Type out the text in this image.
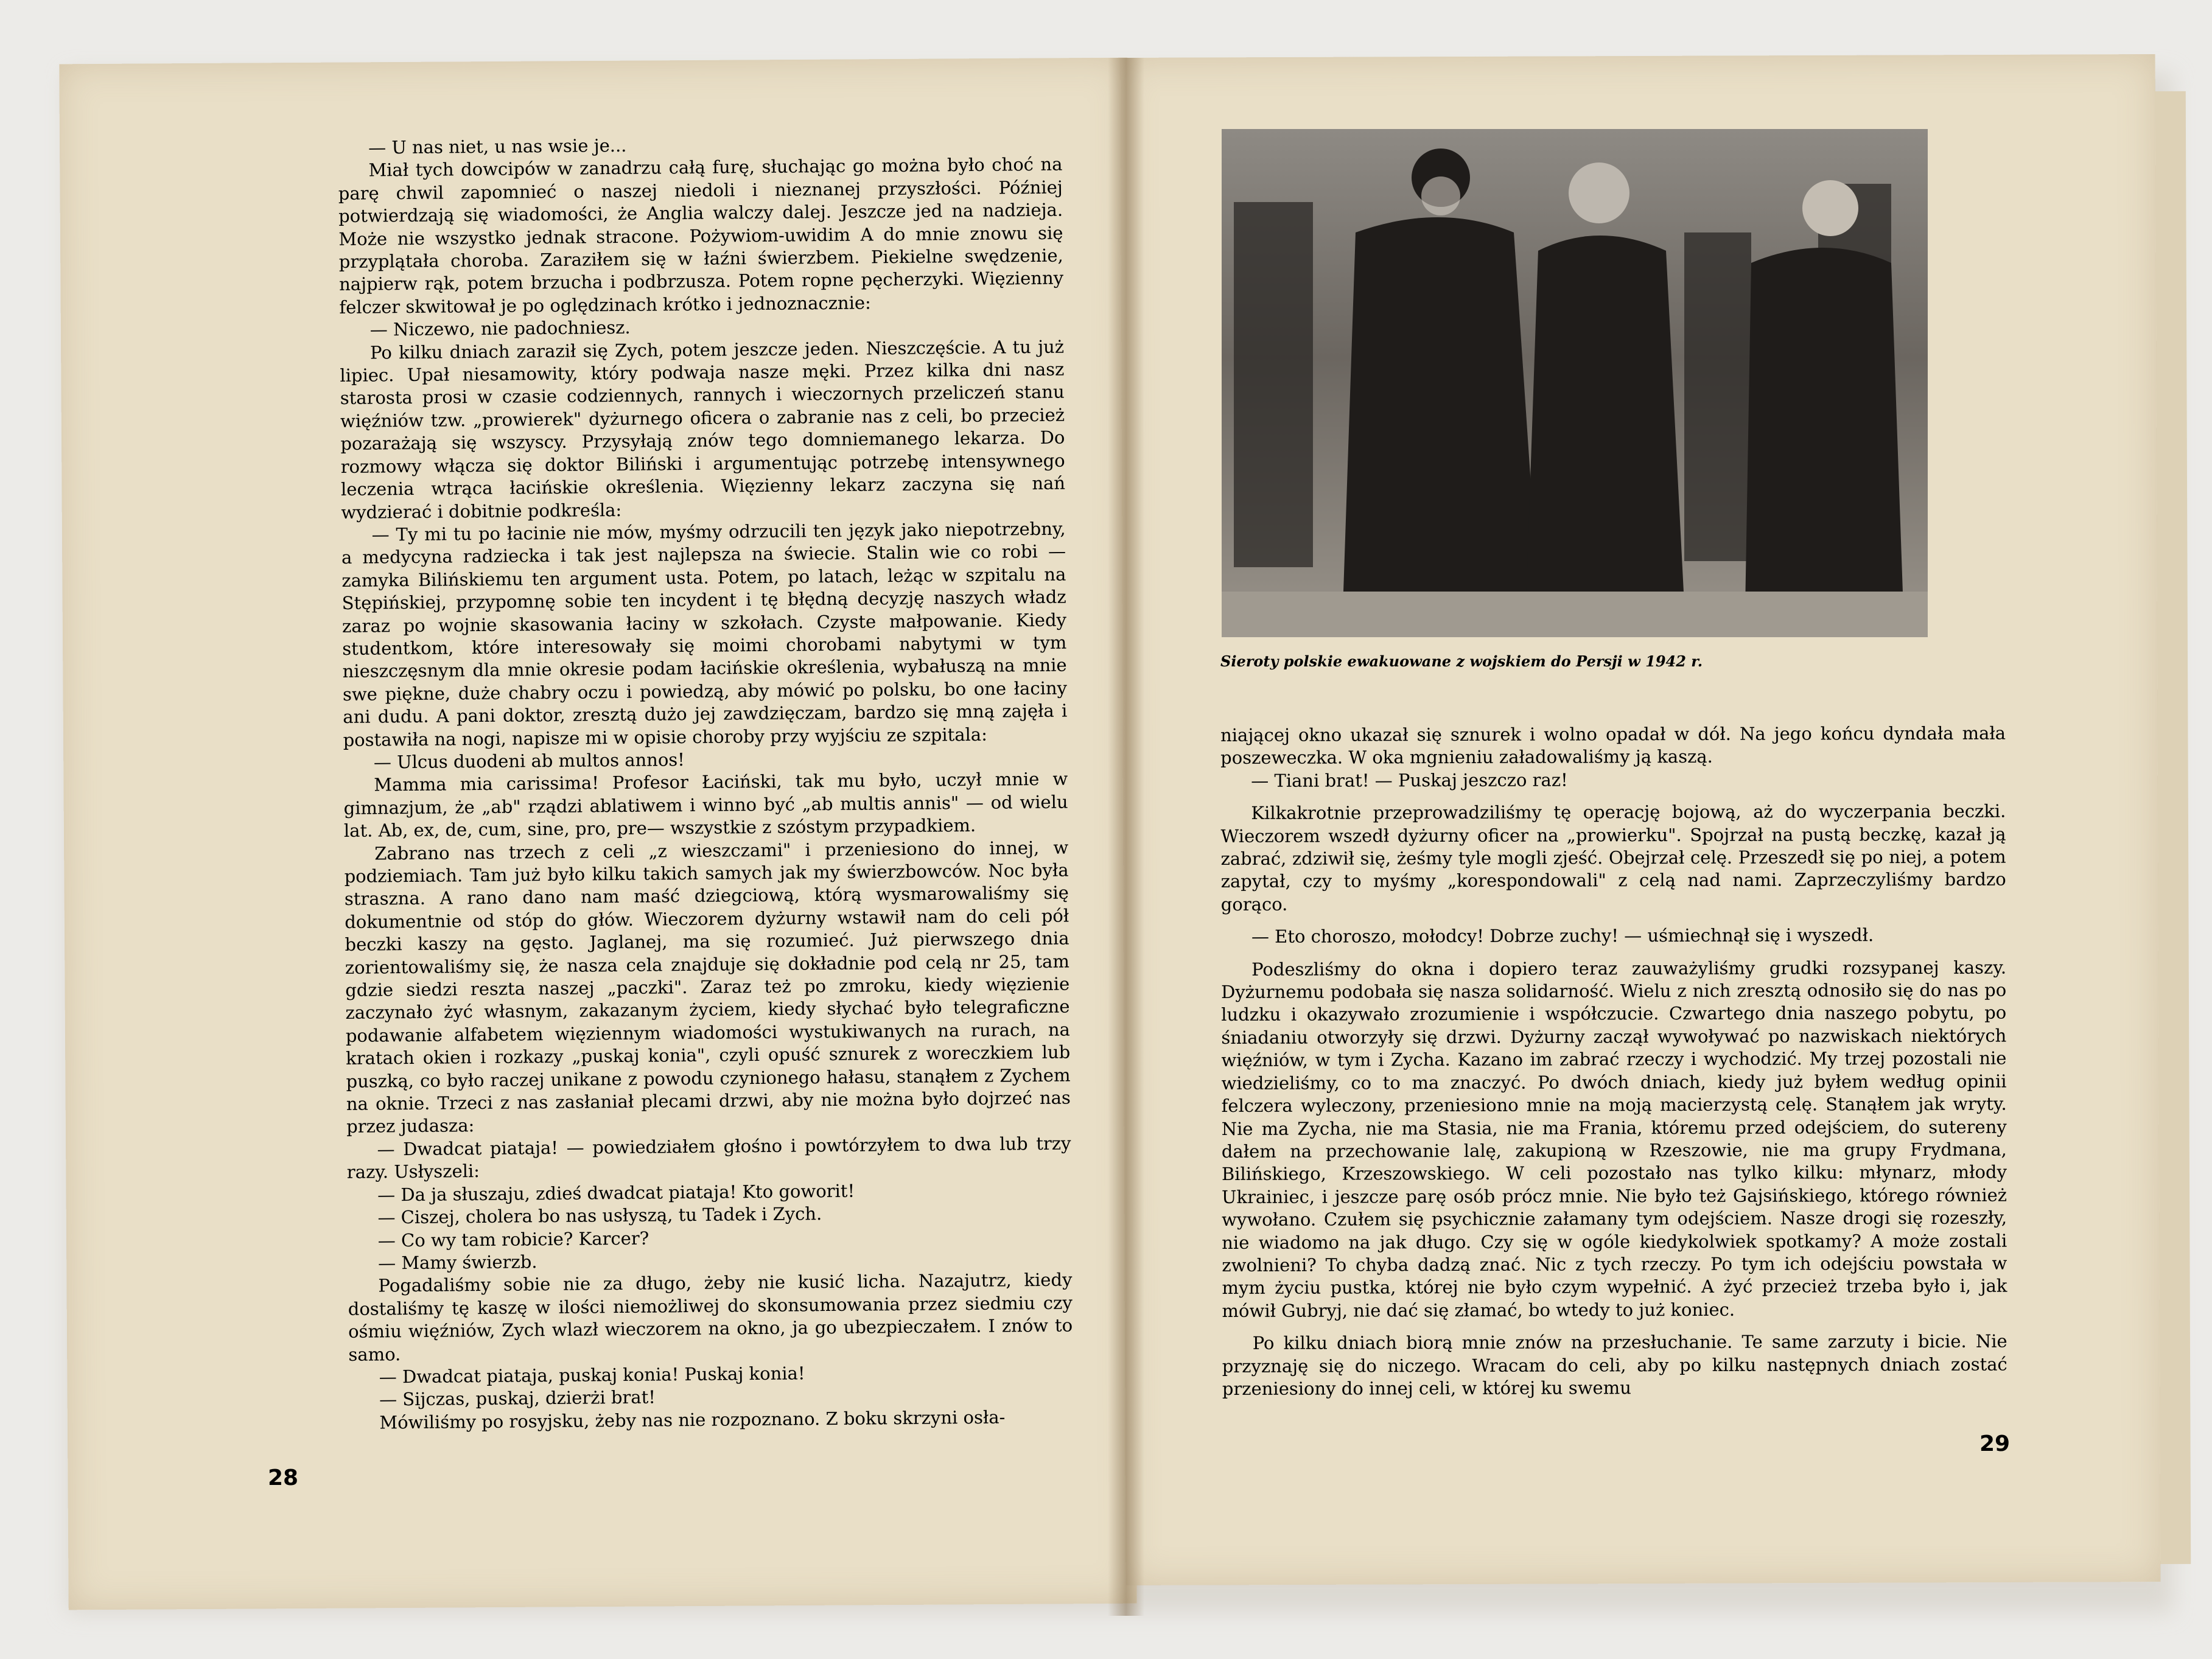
— U nas niet, u nas wsie je...

Miał tych dowcipów w zanadrzu całą furę, słuchając go można było choć na parę chwil zapomnieć o naszej niedoli i nieznanej przyszłości. Później potwierdzają się wiadomości, że Anglia walczy dalej. Jeszcze jed na nadzieja. Może nie wszystko jednak stracone. Pożywiom-uwidim A do mnie znowu się przyplątała choroba. Zaraziłem się w łaźni świerzbem. Piekielne swędzenie, najpierw rąk, potem brzucha i podbrzusza. Potem ropne pęcherzyki. Więzienny felczer skwitował je po oględzinach krótko i jednoznacznie:

— Niczewo, nie padochniesz.

Po kilku dniach zaraził się Zych, potem jeszcze jeden. Nieszczęście. A tu już lipiec. Upał niesamowity, który podwaja nasze męki. Przez kilka dni nasz starosta prosi w czasie codziennych, rannych i wieczornych przeliczeń stanu więźniów tzw. „prowierek" dyżurnego oficera o zabranie nas z celi, bo przecież pozarażają się wszyscy. Przysyłają znów tego domniemanego lekarza. Do rozmowy włącza się doktor Biliński i argumentując potrzebę intensywnego leczenia wtrąca łacińskie określenia. Więzienny lekarz zaczyna się nań wydzierać i dobitnie podkreśla:

— Ty mi tu po łacinie nie mów, myśmy odrzucili ten język jako niepotrzebny, a medycyna radziecka i tak jest najlepsza na świecie. Stalin wie co robi — zamyka Bilińskiemu ten argument usta. Potem, po latach, leżąc w szpitalu na Stępińskiej, przypomnę sobie ten incydent i tę błędną decyzję naszych władz zaraz po wojnie skasowania łaciny w szkołach. Czyste małpowanie. Kiedy studentkom, które interesowały się moimi chorobami nabytymi w tym nieszczęsnym dla mnie okresie podam łacińskie określenia, wybałuszą na mnie swe piękne, duże chabry oczu i powiedzą, aby mówić po polsku, bo one łaciny ani dudu. A pani doktor, zresztą dużo jej zawdzięczam, bardzo się mną zajęła i postawiła na nogi, napisze mi w opisie choroby przy wyjściu ze szpitala:

— Ulcus duodeni ab multos annos!

Mamma mia carissima! Profesor Łaciński, tak mu było, uczył mnie w gimnazjum, że „ab" rządzi ablatiwem i winno być „ab multis annis" — od wielu lat. Ab, ex, de, cum, sine, pro, pre— wszystkie z szóstym przypadkiem.

Zabrano nas trzech z celi „z wieszczami" i przeniesiono do innej, w podziemiach. Tam już było kilku takich samych jak my świerzbowców. Noc była straszna. A rano dano nam maść dziegciową, którą wysmarowaliśmy się dokumentnie od stóp do głów. Wieczorem dyżurny wstawił nam do celi pół beczki kaszy na gęsto. Jaglanej, ma się rozumieć. Już pierwszego dnia zorientowaliśmy się, że nasza cela znajduje się dokładnie pod celą nr 25, tam gdzie siedzi reszta naszej „paczki". Zaraz też po zmroku, kiedy więzienie zaczynało żyć własnym, zakazanym życiem, kiedy słychać było telegraficzne podawanie alfabetem więziennym wiadomości wystukiwanych na rurach, na kratach okien i rozkazy „puskaj konia", czyli opuść sznurek z woreczkiem lub puszką, co było raczej unikane z powodu czynionego hałasu, stanąłem z Zychem na oknie. Trzeci z nas zasłaniał plecami drzwi, aby nie można było dojrzeć nas przez judasza:

— Dwadcat piataja! — powiedziałem głośno i powtórzyłem to dwa lub trzy razy. Usłyszeli:

— Da ja słuszaju, zdieś dwadcat piataja! Kto goworit!

— Ciszej, cholera bo nas usłyszą, tu Tadek i Zych.

— Co wy tam robicie? Karcer?

— Mamy świerzb.

Pogadaliśmy sobie nie za długo, żeby nie kusić licha. Nazajutrz, kiedy dostaliśmy tę kaszę w ilości niemożliwej do skonsumowania przez siedmiu czy ośmiu więźniów, Zych wlazł wieczorem na okno, ja go ubezpieczałem. I znów to samo.

— Dwadcat piataja, puskaj konia! Puskaj konia!

— Sijczas, puskaj, dzierżi brat!

Mówiliśmy po rosyjsku, żeby nas nie rozpoznano. Z boku skrzyni osła-

28
Sieroty polskie ewakuowane z wojskiem do Persji w 1942 r.

niającej okno ukazał się sznurek i wolno opadał w dół. Na jego końcu dyndała mała poszeweczka. W oka mgnieniu załadowaliśmy ją kaszą.

— Tiani brat! — Puskaj jeszczo raz!

Kilkakrotnie przeprowadziliśmy tę operację bojową, aż do wyczerpania beczki. Wieczorem wszedł dyżurny oficer na „prowierku". Spojrzał na pustą beczkę, kazał ją zabrać, zdziwił się, żeśmy tyle mogli zjeść. Obejrzał celę. Przeszedł się po niej, a potem zapytał, czy to myśmy „korespondowali" z celą nad nami. Zaprzeczyliśmy bardzo gorąco.

— Eto choroszo, mołodcy! Dobrze zuchy! — uśmiechnął się i wyszedł.

Podeszliśmy do okna i dopiero teraz zauważyliśmy grudki rozsypanej kaszy. Dyżurnemu podobała się nasza solidarność. Wielu z nich zresztą odnosiło się do nas po ludzku i okazywało zrozumienie i współczucie. Czwartego dnia naszego pobytu, po śniadaniu otworzyły się drzwi. Dyżurny zaczął wywoływać po nazwiskach niektórych więźniów, w tym i Zycha. Kazano im zabrać rzeczy i wychodzić. My trzej pozostali nie wiedzieliśmy, co to ma znaczyć. Po dwóch dniach, kiedy już byłem według opinii felczera wyleczony, przeniesiono mnie na moją macierzystą celę. Stanąłem jak wryty. Nie ma Zycha, nie ma Stasia, nie ma Frania, któremu przed odejściem, do sutereny dałem na przechowanie lalę, zakupioną w Rzeszowie, nie ma grupy Frydmana, Bilińskiego, Krzeszowskiego. W celi pozostało nas tylko kilku: młynarz, młody Ukrainiec, i jeszcze parę osób prócz mnie. Nie było też Gajsińskiego, którego również wywołano. Czułem się psychicznie załamany tym odejściem. Nasze drogi się rozeszły, nie wiadomo na jak długo. Czy się w ogóle kiedykolwiek spotkamy? A może zostali zwolnieni? To chyba dadzą znać. Nic z tych rzeczy. Po tym ich odejściu powstała w mym życiu pustka, której nie było czym wypełnić. A żyć przecież trzeba było i, jak mówił Gubryj, nie dać się złamać, bo wtedy to już koniec.

Po kilku dniach biorą mnie znów na przesłuchanie. Te same zarzuty i bicie. Nie przyznaję się do niczego. Wracam do celi, aby po kilku następnych dniach zostać przeniesiony do innej celi, w której ku swemu

29
